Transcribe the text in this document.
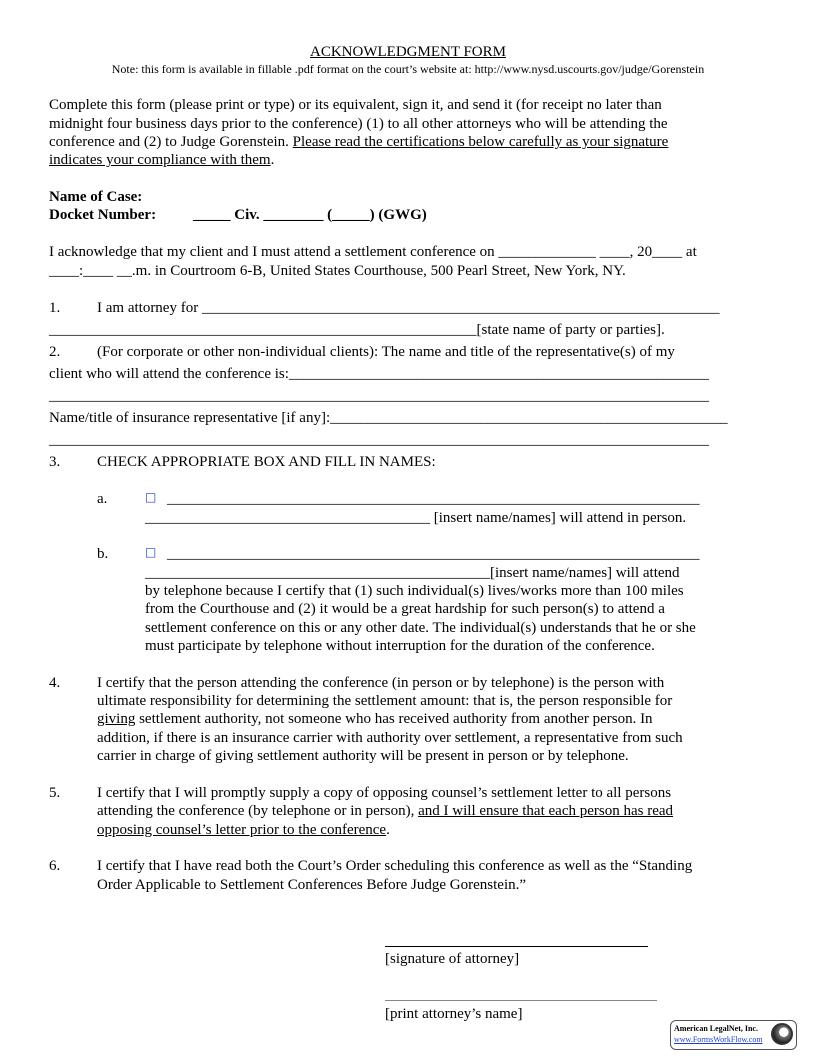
ACKNOWLEDGMENT FORM
Note: this form is available in fillable .pdf format on the court’s website at: http://www.nysd.uscourts.gov/judge/Gorenstein
Complete this form (please print or type) or its equivalent, sign it, and send it (for receipt no later than
midnight four business days prior to the conference) (1) to all other attorneys who will be attending the
conference and (2) to Judge Gorenstein. Please read the certifications below carefully as your signature
indicates your compliance with them.
Name of Case:
Docket Number: _____ Civ. ________ (_____) (GWG)
I acknowledge that my client and I must attend a settlement conference on _____________ ____, 20____ at
____:____ __.m. in Courtroom 6-B, United States Courthouse, 500 Pearl Street, New York, NY.
1. I am attorney for _____________________________________________________________________
_________________________________________________________[state name of party or parties].
2. (For corporate or other non-individual clients): The name and title of the representative(s) of my
client who will attend the conference is:________________________________________________________
________________________________________________________________________________________
Name/title of insurance representative [if any]:_____________________________________________________
________________________________________________________________________________________
3. CHECK APPROPRIATE BOX AND FILL IN NAMES:
a.	□ _______________________________________________________________________
______________________________________ [insert name/names] will attend in person.
b.	□ _______________________________________________________________________
______________________________________________[insert name/names] will attend
by telephone because I certify that (1) such individual(s) lives/works more than 100 miles
from the Courthouse and (2) it would be a great hardship for such person(s) to attend a
settlement conference on this or any other date. The individual(s) understands that he or she
must participate by telephone without interruption for the duration of the conference.
4. I certify that the person attending the conference (in person or by telephone) is the person with
ultimate responsibility for determining the settlement amount: that is, the person responsible for
giving settlement authority, not someone who has received authority from another person. In
addition, if there is an insurance carrier with authority over settlement, a representative from such
carrier in charge of giving settlement authority will be present in person or by telephone.
5. I certify that I will promptly supply a copy of opposing counsel’s settlement letter to all persons
attending the conference (by telephone or in person), and I will ensure that each person has read
opposing counsel’s letter prior to the conference.
6. I certify that I have read both the Court’s Order scheduling this conference as well as the “Standing
Order Applicable to Settlement Conferences Before Judge Gorenstein.”
[signature of attorney]
[print attorney’s name]
American LegalNet, Inc.
www.FormsWorkFlow.com
